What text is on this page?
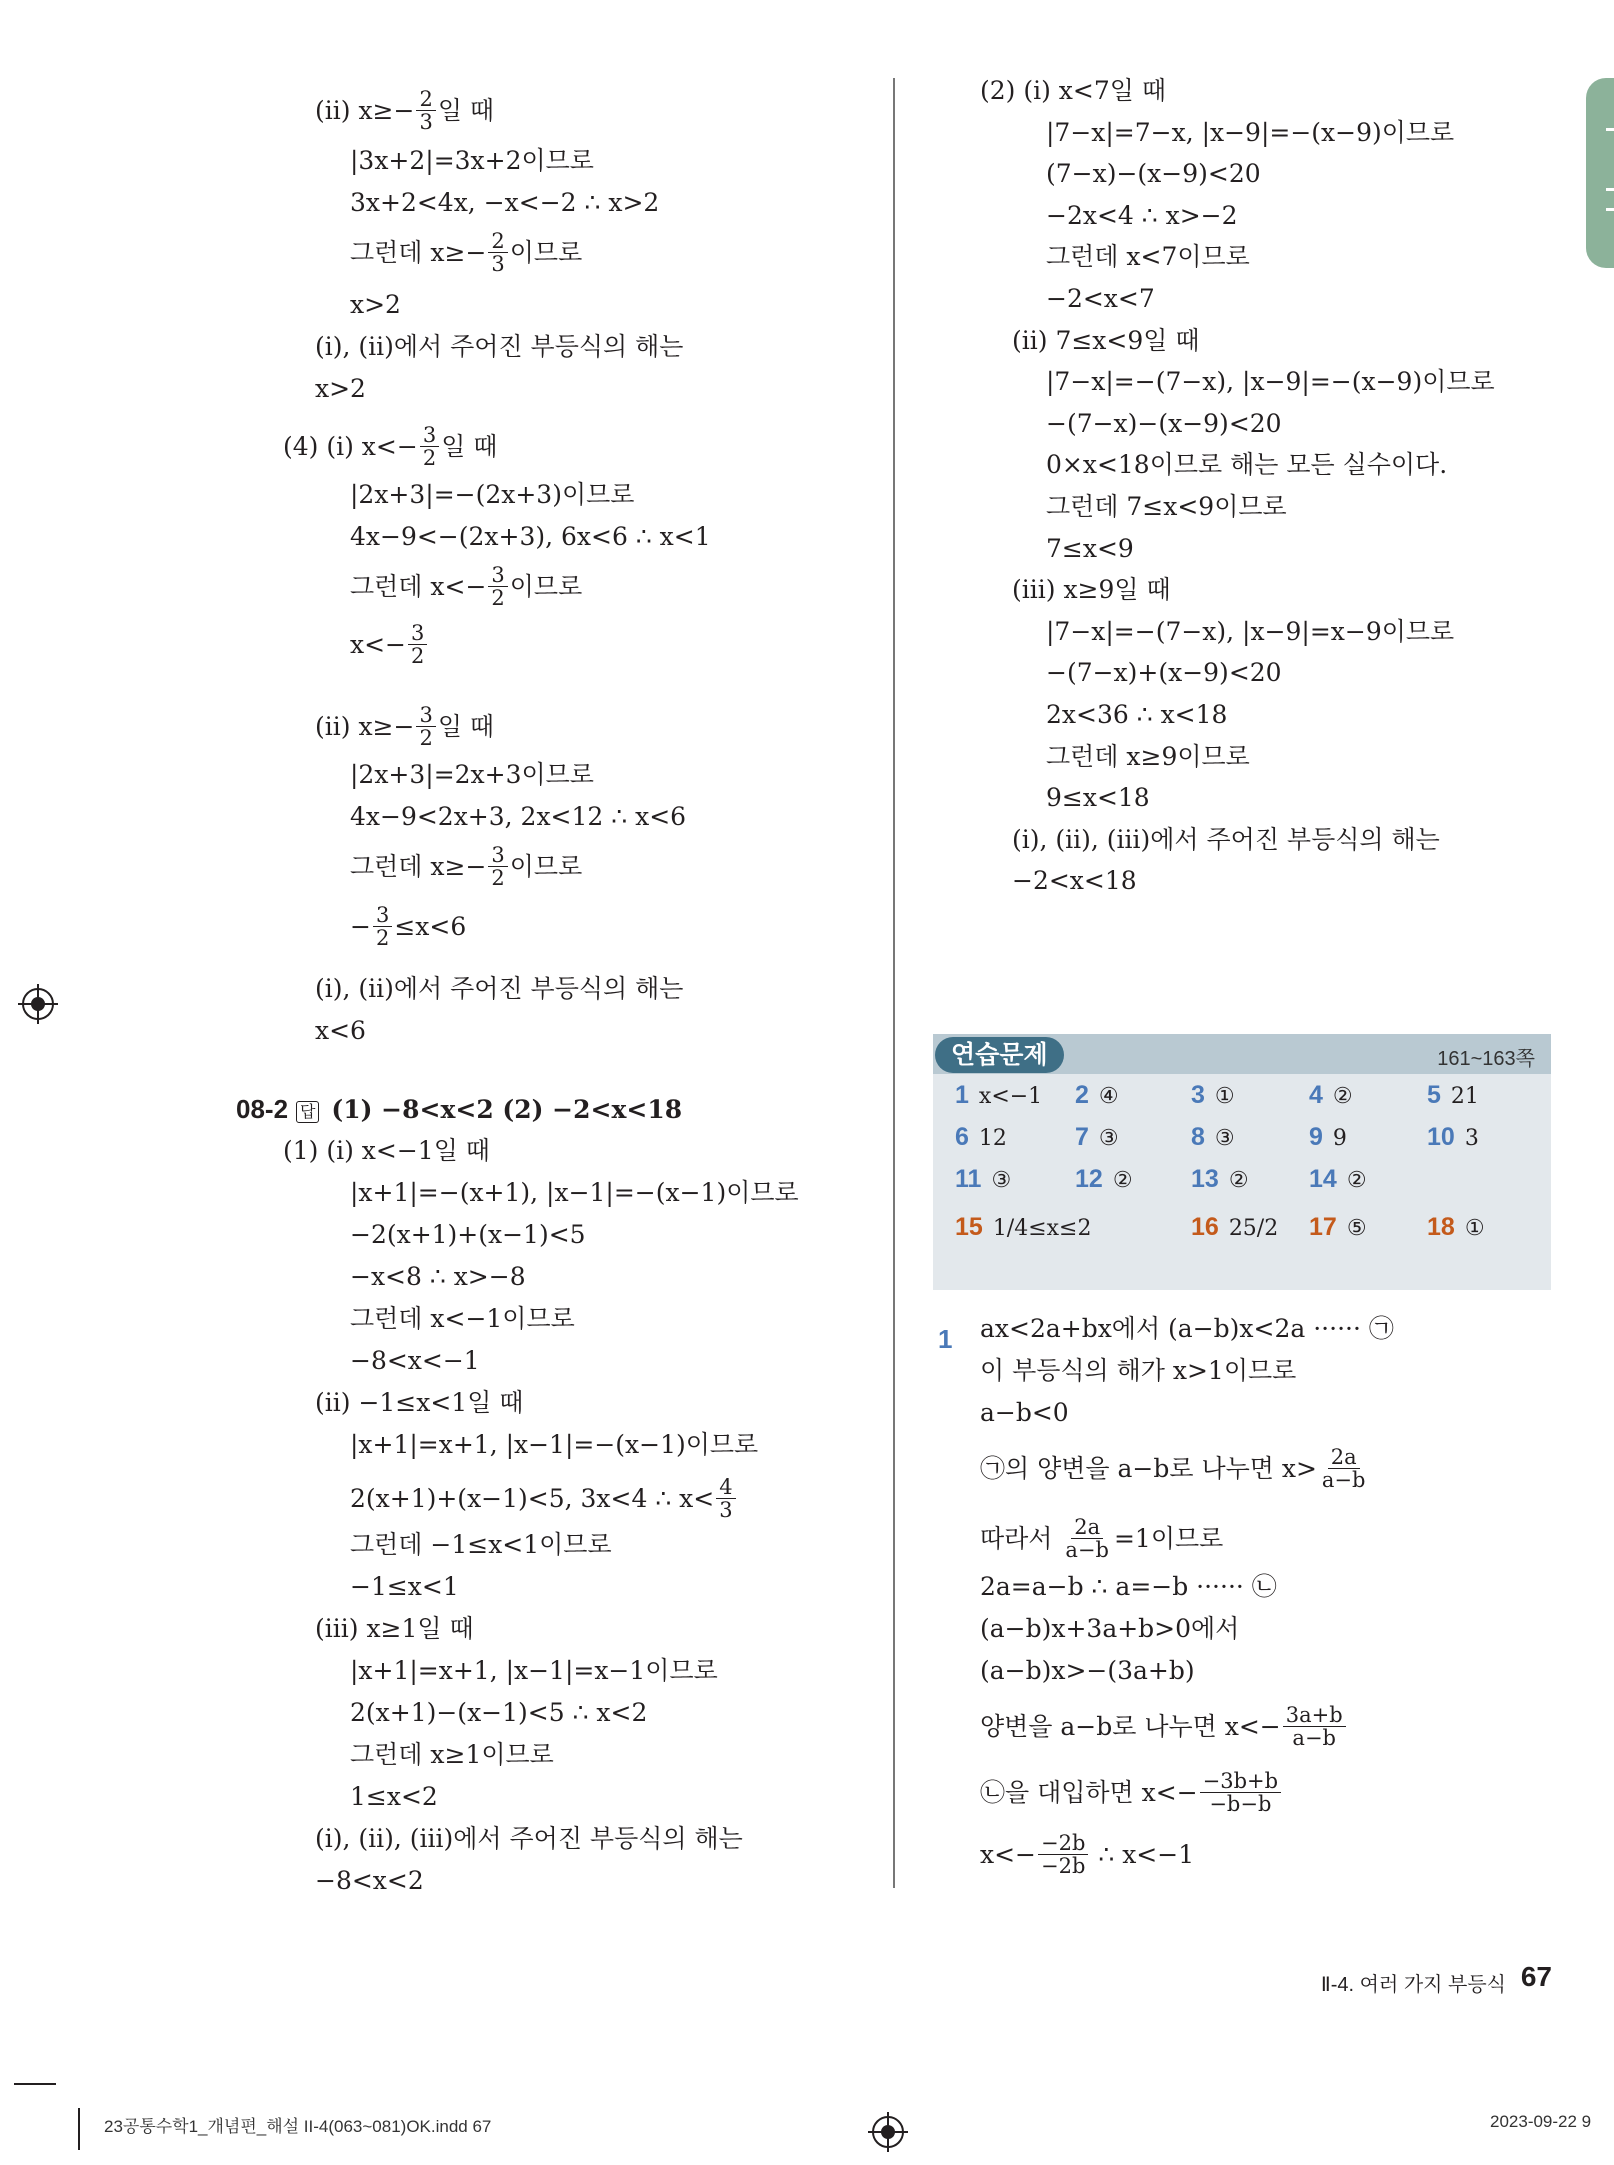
08-2 답 (1) −8<x<2 (2) −2<x<18
연습문제	161~163쪽
1 x<−1 2 ④	3 ①	4 ②	5 21
6 12	7 ③	8 ③	9 9	10 3
11 ③	12 ② 13 ② 14 ②
15 1/4≤x≤2	16 25/2 17 ⑤ 18 ①
1 ax<2a+bx에서 (a−b)x<2a ······ ㉠
이 부등식의 해가 x>1이므로
a−b<0
㉠의 양변을 a−b로 나누면 $x> \frac{2a}{a-b}$
따라서 $\frac{2a}{a-b} =1$이므로
2a=a−b ∴ a=−b ······ ㉡
(a−b)x+3a+b>0에서
(a−b)x>−(3a+b)
양변을 a−b로 나누면 $x<- \frac{3a+b}{a-b}$
㉡을 대입하면 $x<- \frac{-3b+b}{-b-b}$
$x<- \frac{-2b}{-2b}$ ∴ x<−1
Ⅱ-4. 여러 가지 부등식 67
23공통수학1_개념편_해설 II-4(063~081)OK.indd 67	2023-09-22 9
(ⅱ) $x\ge- \frac{2}{3}$ 일 때
|3x+2|=3x+2이므로
3x+2<4x, −x<−2 ∴ x>2
그런데 $x\ge- \frac{2}{3}$ 이므로
x>2
(ⅰ), (ⅱ)에서 주어진 부등식의 해는
x>2
(4) (ⅰ) $x<- \frac{3}{2}$ 일 때
|2x+3|=−(2x+3)이므로
4x−9<−(2x+3), 6x<6 ∴ x<1
그런데 $x<- \frac{3}{2}$ 이므로
$x<- \frac{3}{2}$
(ⅱ) $x\ge- \frac{3}{2}$ 일 때
|2x+3|=2x+3이므로
4x−9<2x+3, 2x<12 ∴ x<6
그런데 $x\ge- \frac{3}{2}$ 이므로
− $\frac{3}{2} \le x<6$
(ⅰ), (ⅱ)에서 주어진 부등식의 해는
x<6
(1) (ⅰ) x<−1일 때
|x+1|=−(x+1), |x−1|=−(x−1)이므로
−2(x+1)+(x−1)<5
−x<8 ∴ x>−8
그런데 x<−1이므로
−8<x<−1
(ⅱ) −1≤x<1일 때
|x+1|=x+1, |x−1|=−(x−1)이므로
2(x+1)+(x−1)<5, 3x<4 ∴ $x< \frac{4}{3}$
그런데 −1≤x<1이므로
−1≤x<1
(ⅲ) x≥1일 때
|x+1|=x+1, |x−1|=x−1이므로
2(x+1)−(x−1)<5 ∴ x<2
그런데 x≥1이므로
1≤x<2
(ⅰ), (ⅱ), (ⅲ)에서 주어진 부등식의 해는
−8<x<2
(2) (ⅰ) x<7일 때
|7−x|=7−x, |x−9|=−(x−9)이므로
(7−x)−(x−9)<20
−2x<4 ∴ x>−2
그런데 x<7이므로
−2<x<7
(ⅱ) 7≤x<9일 때
|7−x|=−(7−x), |x−9|=−(x−9)이므로
−(7−x)−(x−9)<20
0×x<18이므로 해는 모든 실수이다.
그런데 7≤x<9이므로
7≤x<9
(ⅲ) x≥9일 때
|7−x|=−(7−x), |x−9|=x−9이므로
−(7−x)+(x−9)<20
2x<36 ∴ x<18
그런데 x≥9이므로
9≤x<18
(ⅰ), (ⅱ), (ⅲ)에서 주어진 부등식의 해는
−2<x<18
